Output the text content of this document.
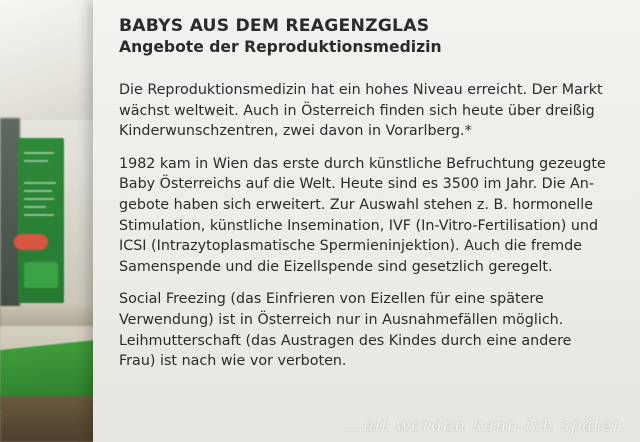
BABYS AUS DEM REAGENZGLAS
Angebote der Reproduktionsmedizin

Die Reproduktionsmedizin hat ein hohes Niveau erreicht. Der Markt
wächst weltweit. Auch in Österreich finden sich heute über dreißig
Kinderwunschzentren, zwei davon in Vorarlberg.*

1982 kam in Wien das erste durch künstliche Befruchtung gezeugte
Baby Österreichs auf die Welt. Heute sind es 3500 im Jahr. Die An-
gebote haben sich erweitert. Zur Auswahl stehen z. B. hormonelle
Stimulation, künstliche Insemination, IVF (In-Vitro-Fertilisation) und
ICSI (Intrazytoplasmatische Spermieninjektion). Auch die fremde
Samenspende und die Eizellspende sind gesetzlich geregelt.

Social Freezing (das Einfrieren von Eizellen für eine spätere
Verwendung) ist in Österreich nur in Ausnahmefällen möglich.
Leihmutterschaft (das Austragen des Kindes durch eine andere
Frau) ist nach wie vor verboten.

...alt werden kann ich später.
